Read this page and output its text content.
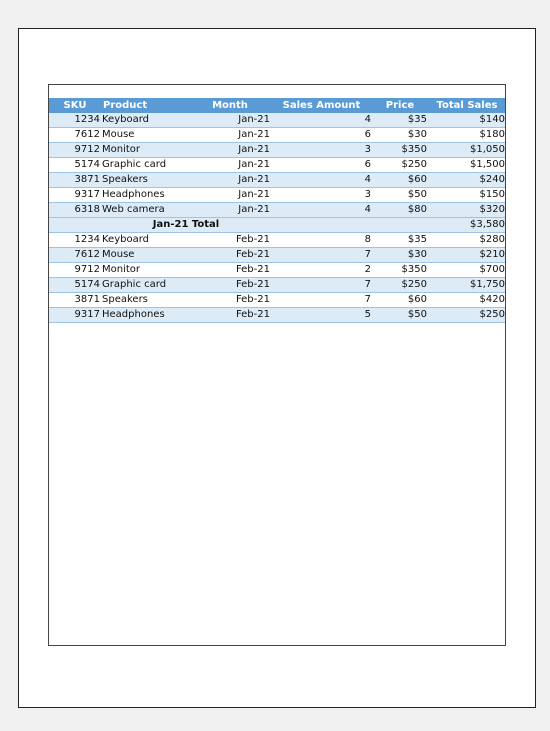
SKU	Product	Month	Sales Amount	Price	Total Sales
1234	Keyboard	Jan-21	4	$35	$140
7612	Mouse	Jan-21	6	$30	$180
9712	Monitor	Jan-21	3	$350	$1,050
5174	Graphic card	Jan-21	6	$250	$1,500
3871	Speakers	Jan-21	4	$60	$240
9317	Headphones	Jan-21	3	$50	$150
6318	Web camera	Jan-21	4	$80	$320
	Jan-21 Total				$3,580
1234	Keyboard	Feb-21	8	$35	$280
7612	Mouse	Feb-21	7	$30	$210
9712	Monitor	Feb-21	2	$350	$700
5174	Graphic card	Feb-21	7	$250	$1,750
3871	Speakers	Feb-21	7	$60	$420
9317	Headphones	Feb-21	5	$50	$250
